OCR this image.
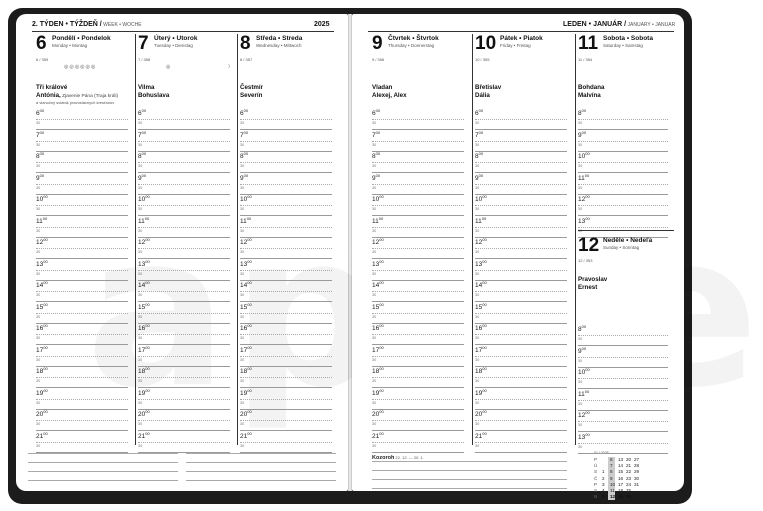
2. TÝDEN • TÝŽDEŇ / WEEK • WOCHE	2025
6 Pondělí • Pondelok
Monday • Montag
6 / 359
◎◎◎◎◎◎
Tři králové
Antónia, Zjavenie Pána (Traja králi)
a vianočný sviatok pravoslávnych kresťanov
$6^{00}$
30
$7^{00}$
30
$8^{00}$
30
$9^{00}$
30
$10^{00}$
30
$11^{00}$
30
$12^{00}$
30
$13^{00}$
30
$14^{00}$
30
$15^{00}$
30
$16^{00}$
30
$17^{00}$
30
$18^{00}$
30
$19^{00}$
30
$20^{00}$
30
$21^{00}$
30
7 Úterý • Utorok
Tuesday • Dienstag
7 / 358
◎	☽
Vilma
Bohuslava
$6^{00}$
30
$7^{00}$
30
$8^{00}$
30
$9^{00}$
30
$10^{00}$
30
$11^{00}$
30
$12^{00}$
30
$13^{00}$
30
$14^{00}$
30
$15^{00}$
30
$16^{00}$
30
$17^{00}$
30
$18^{00}$
30
$19^{00}$
30
$20^{00}$
30
$21^{00}$
30
8 Středa • Streda
Wednesday • Mittwoch
8 / 357
Čestmír
Severín
$6^{00}$
30
$7^{00}$
30
$8^{00}$
30
$9^{00}$
30
$10^{00}$
30
$11^{00}$
30
$12^{00}$
30
$13^{00}$
30
$14^{00}$
30
$15^{00}$
30
$16^{00}$
30
$17^{00}$
30
$18^{00}$
30
$19^{00}$
30
$20^{00}$
30
$21^{00}$
30
LEDEN • JANUÁR / JANUARY • JANUAR
9 Čtvrtek • Štvrtok
Thursday • Donnerstag
9 / 356
Vladan
Alexej, Alex
$6^{00}$
30
$7^{00}$
30
$8^{00}$
30
$9^{00}$
30
$10^{00}$
30
$11^{00}$
30
$12^{00}$
30
$13^{00}$
30
$14^{00}$
30
$15^{00}$
30
$16^{00}$
30
$17^{00}$
30
$18^{00}$
30
$19^{00}$
30
$20^{00}$
30
$21^{00}$
30
10 Pátek • Piatok
Friday • Freitag
10 / 355
Břetislav
Dália
$6^{00}$
30
$7^{00}$
30
$8^{00}$
30
$9^{00}$
30
$10^{00}$
30
$11^{00}$
30
$12^{00}$
30
$13^{00}$
30
$14^{00}$
30
$15^{00}$
30
$16^{00}$
30
$17^{00}$
30
$18^{00}$
30
$19^{00}$
30
$20^{00}$
30
$21^{00}$
30
11 Sobota • Sobota
Saturday • Samstag
11 / 354
Bohdana
Malvína
$8^{00}$
30
$9^{00}$
30
$10^{00}$
30
$11^{00}$
30
$12^{00}$
30
$13^{00}$
Kozoroh 22. 12. — 20. 1.	P	6 13 20 27
Ú	7 14 21 28
S 1 8 15 22 29
Č 2 9 16 23 30
P 3 10 17 24 31
S 4 11 18 25
N 5 12 19 26
12 Neděle • Nedeľa
Sunday • Sonntag
12 / 353
Pravoslav
Ernest
$8^{00}$
30
$9^{00}$
30
$10^{00}$
30
$11^{00}$
30
$12^{00}$
30
$13^{00}$
30
